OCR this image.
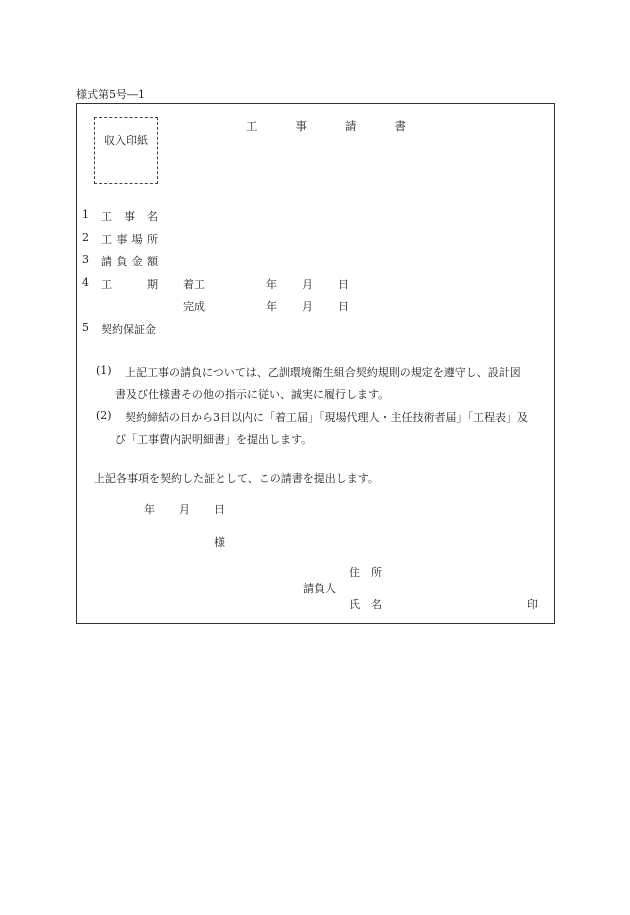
様式第5号―1
収入印紙
工	事	請	書
1 工 事 名
2 工 事 場 所
3 請 負 金 額
4 工	期 着工	年 月 日
完成	年 月 日
5 契約保証金
(1) 上記工事の請負については、乙訓環境衛生組合契約規則の規定を遵守し、設計図
書及び仕様書その他の指示に従い、誠実に履行します。
(2) 契約締結の日から3日以内に「着工届」「現場代理人・主任技術者届」「工程表」及
び「工事費内訳明細書」を提出します。
上記各事項を契約した証として、この請書を提出します。
年 月 日
様
住　所
請負人
氏　名	印
